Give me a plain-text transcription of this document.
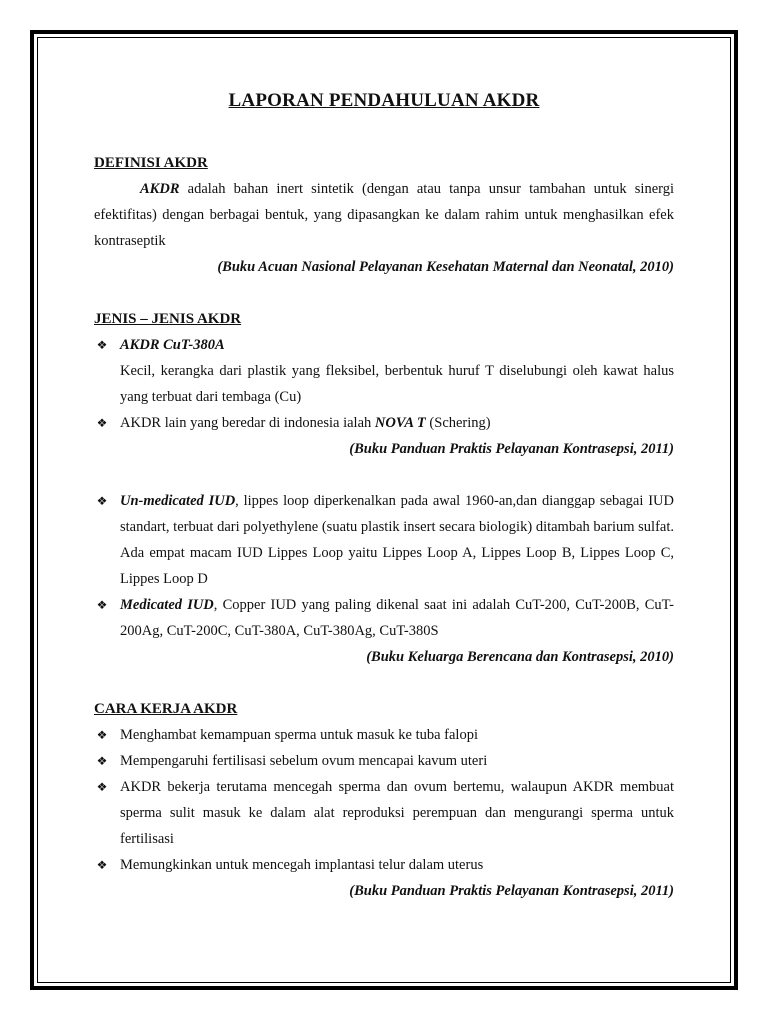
LAPORAN PENDAHULUAN AKDR

DEFINISI AKDR

AKDR adalah bahan inert sintetik (dengan atau tanpa unsur tambahan untuk sinergi efektifitas) dengan berbagai bentuk, yang dipasangkan ke dalam rahim untuk menghasilkan efek kontraseptik

(Buku Acuan Nasional Pelayanan Kesehatan Maternal dan Neonatal, 2010)

JENIS – JENIS AKDR

❖ AKDR CuT-380A
Kecil, kerangka dari plastik yang fleksibel, berbentuk huruf T diselubungi oleh kawat halus yang terbuat dari tembaga (Cu)
❖ AKDR lain yang beredar di indonesia ialah NOVA T (Schering)

(Buku Panduan Praktis Pelayanan Kontrasepsi, 2011)

❖ Un-medicated IUD, lippes loop diperkenalkan pada awal 1960-an,dan dianggap sebagai IUD standart, terbuat dari polyethylene (suatu plastik insert secara biologik) ditambah barium sulfat. Ada empat macam IUD Lippes Loop yaitu Lippes Loop A, Lippes Loop B, Lippes Loop C, Lippes Loop D
❖ Medicated IUD, Copper IUD yang paling dikenal saat ini adalah CuT-200, CuT-200B, CuT-200Ag, CuT-200C, CuT-380A, CuT-380Ag, CuT-380S

(Buku Keluarga Berencana dan Kontrasepsi, 2010)

CARA KERJA AKDR

❖ Menghambat kemampuan sperma untuk masuk ke tuba falopi
❖ Mempengaruhi fertilisasi sebelum ovum mencapai kavum uteri
❖ AKDR bekerja terutama mencegah sperma dan ovum bertemu, walaupun AKDR membuat sperma sulit masuk ke dalam alat reproduksi perempuan dan mengurangi sperma untuk fertilisasi
❖ Memungkinkan untuk mencegah implantasi telur dalam uterus

(Buku Panduan Praktis Pelayanan Kontrasepsi, 2011)
